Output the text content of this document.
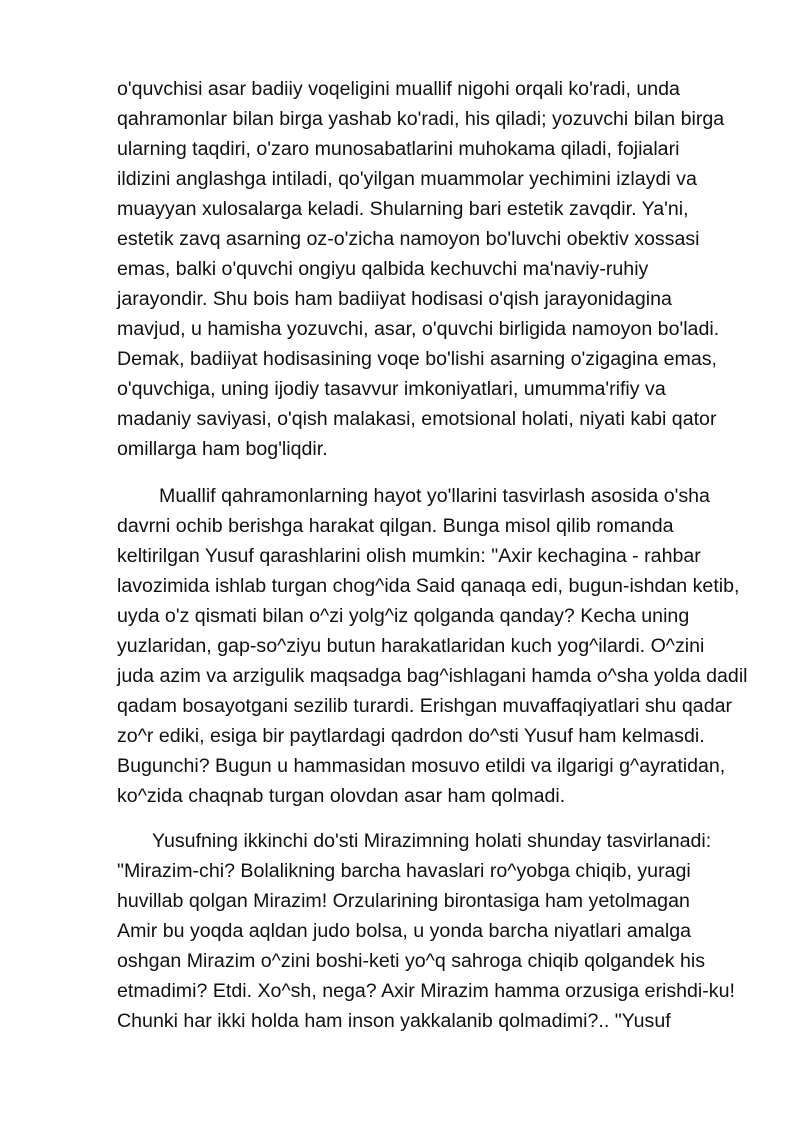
o'quvchisi asar badiiy voqeligini muallif nigohi orqali ko'radi, unda
qahramonlar bilan birga yashab ko'radi, his qiladi; yozuvchi bilan birga
ularning taqdiri, o'zaro munosabatlarini muhokama qiladi, fojialari
ildizini anglashga intiladi, qo'yilgan muammolar yechimini izlaydi va
muayyan xulosalarga keladi. Shularning bari estetik zavqdir. Ya'ni,
estetik zavq asarning oz-o'zicha namoyon bo'luvchi obektiv xossasi
emas, balki o'quvchi ongiyu qalbida kechuvchi ma'naviy-ruhiy
jarayondir. Shu bois ham badiiyat hodisasi o'qish jarayonidagina
mavjud, u hamisha yozuvchi, asar, o'quvchi birligida namoyon bo'ladi.
Demak, badiiyat hodisasining voqe bo'lishi asarning o'zigagina emas,
o'quvchiga, uning ijodiy tasavvur imkoniyatlari, umumma'rifiy va
madaniy saviyasi, o'qish malakasi, emotsional holati, niyati kabi qator
omillarga ham bog'liqdir.
Muallif qahramonlarning hayot yo'llarini tasvirlash asosida o'sha
davrni ochib berishga harakat qilgan. Bunga misol qilib romanda
keltirilgan Yusuf qarashlarini olish mumkin: "Axir kechagina - rahbar
lavozimida ishlab turgan chog^ida Said qanaqa edi, bugun-ishdan ketib,
uyda o'z qismati bilan o^zi yolg^iz qolganda qanday? Kecha uning
yuzlaridan, gap-so^ziyu butun harakatlaridan kuch yog^ilardi. O^zini
juda azim va arzigulik maqsadga bag^ishlagani hamda o^sha yolda dadil
qadam bosayotgani sezilib turardi. Erishgan muvaffaqiyatlari shu qadar
zo^r ediki, esiga bir paytlardagi qadrdon do^sti Yusuf ham kelmasdi.
Bugunchi? Bugun u hammasidan mosuvo etildi va ilgarigi g^ayratidan,
ko^zida chaqnab turgan olovdan asar ham qolmadi.
Yusufning ikkinchi do'sti Mirazimning holati shunday tasvirlanadi:
"Mirazim-chi? Bolalikning barcha havaslari ro^yobga chiqib, yuragi
huvillab qolgan Mirazim! Orzularining birontasiga ham yetolmagan
Amir bu yoqda aqldan judo bolsa, u yonda barcha niyatlari amalga
oshgan Mirazim o^zini boshi-keti yo^q sahroga chiqib qolgandek his
etmadimi? Etdi. Xo^sh, nega? Axir Mirazim hamma orzusiga erishdi-ku!
Chunki har ikki holda ham inson yakkalanib qolmadimi?.. "Yusuf
